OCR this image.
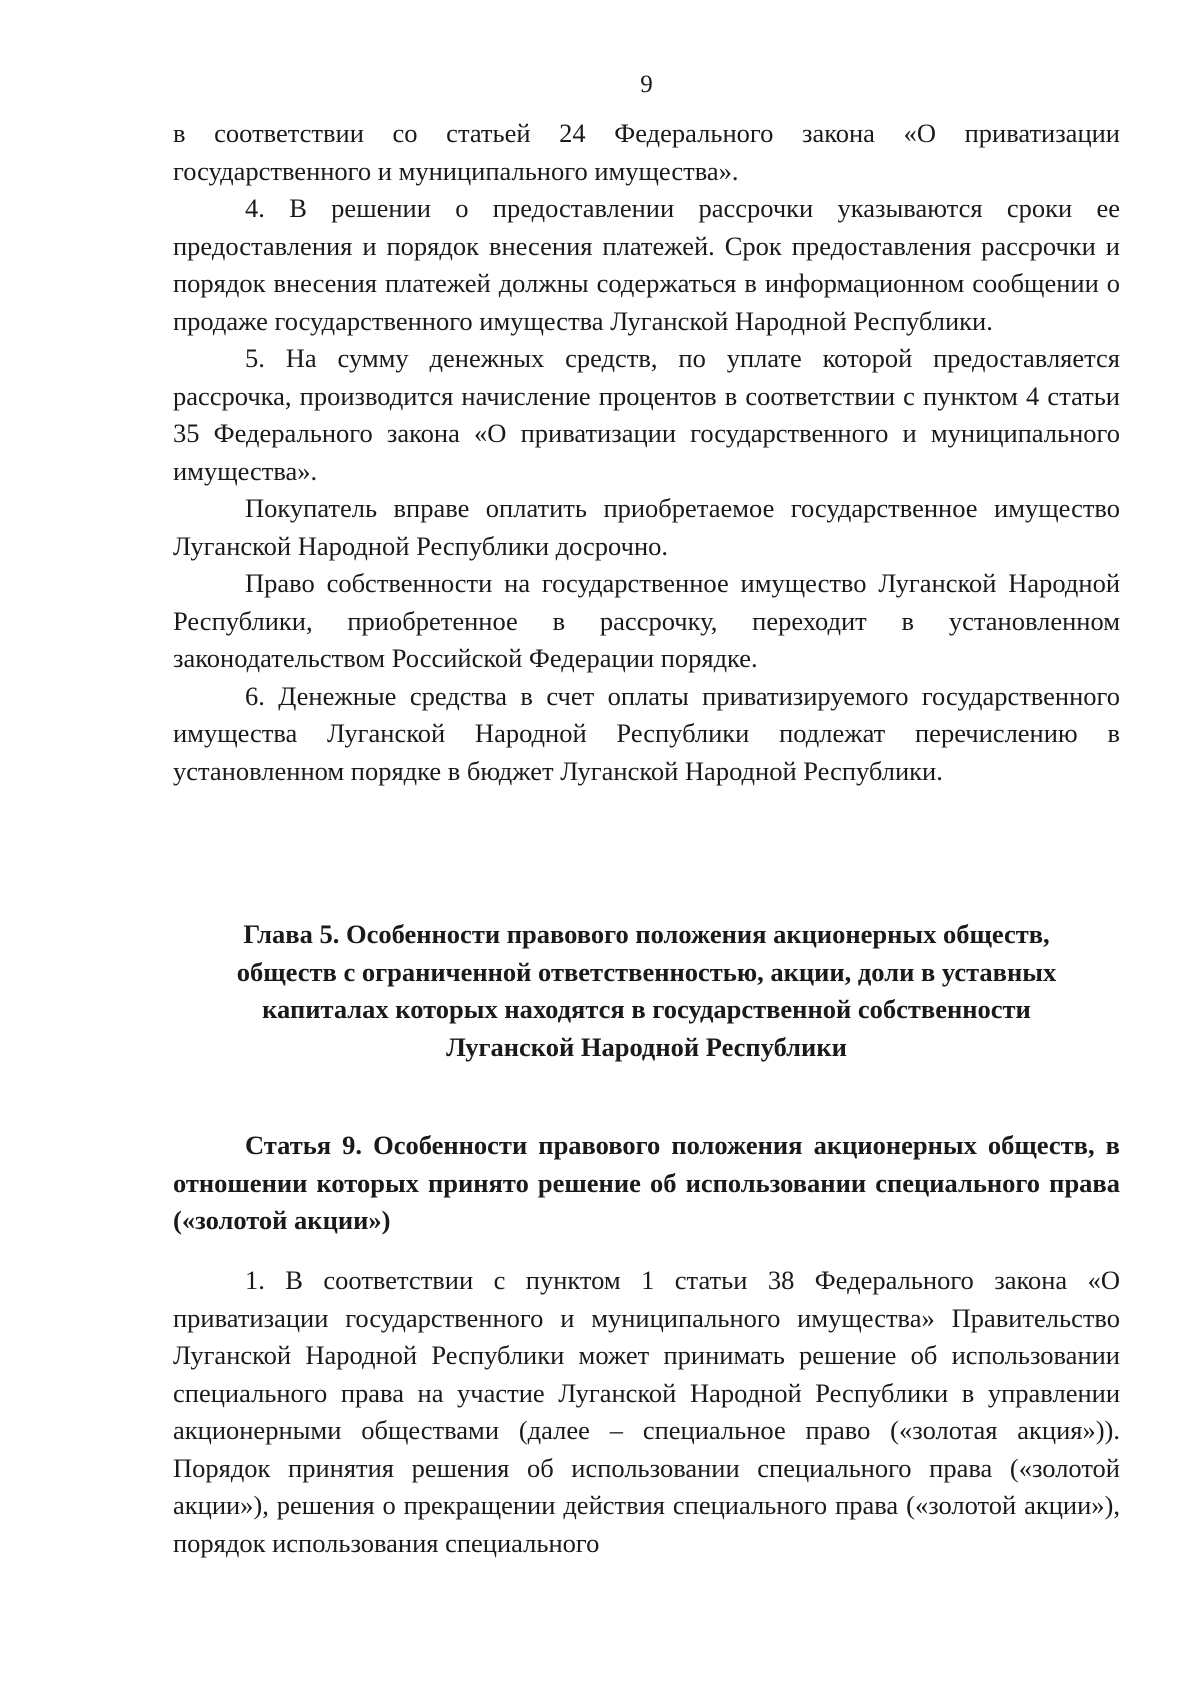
9

в соответствии со статьей 24 Федерального закона «О приватизации государственного и муниципального имущества».

4. В решении о предоставлении рассрочки указываются сроки ее предоставления и порядок внесения платежей. Срок предоставления рассрочки и порядок внесения платежей должны содержаться в информационном сообщении о продаже государственного имущества Луганской Народной Республики.

5. На сумму денежных средств, по уплате которой предоставляется рассрочка, производится начисление процентов в соответствии с пунктом 4 статьи 35 Федерального закона «О приватизации государственного и муниципального имущества».

Покупатель вправе оплатить приобретаемое государственное имущество Луганской Народной Республики досрочно.

Право собственности на государственное имущество Луганской Народной Республики, приобретенное в рассрочку, переходит в установленном законодательством Российской Федерации порядке.

6. Денежные средства в счет оплаты приватизируемого государственного имущества Луганской Народной Республики подлежат перечислению в установленном порядке в бюджет Луганской Народной Республики.

Глава 5. Особенности правового положения акционерных обществ,
обществ с ограниченной ответственностью, акции, доли в уставных
капиталах которых находятся в государственной собственности
Луганской Народной Республики
Статья 9. Особенности правового положения акционерных обществ, в отношении которых принято решение об использовании специального права («золотой акции»)

1. В соответствии с пунктом 1 статьи 38 Федерального закона «О приватизации государственного и муниципального имущества» Правительство Луганской Народной Республики может принимать решение об использовании специального права на участие Луганской Народной Республики в управлении акционерными обществами (далее – специальное право («золотая акция»)). Порядок принятия решения об использовании специального права («золотой акции»), решения о прекращении действия специального права («золотой акции»), порядок использования специального
